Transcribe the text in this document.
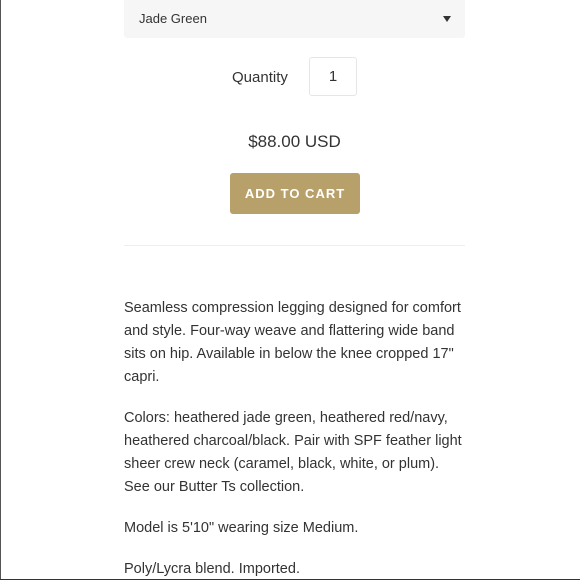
Jade Green
Quantity
1
$88.00 USD
ADD TO CART

Seamless compression legging designed for comfort and style. Four-way weave and flattering wide band sits on hip. Available in below the knee cropped 17" capri.

Colors: heathered jade green, heathered red/navy, heathered charcoal/black. Pair with SPF feather light sheer crew neck (caramel, black, white, or plum).
See our Butter Ts collection.

Model is 5'10" wearing size Medium.

Poly/Lycra blend. Imported.
